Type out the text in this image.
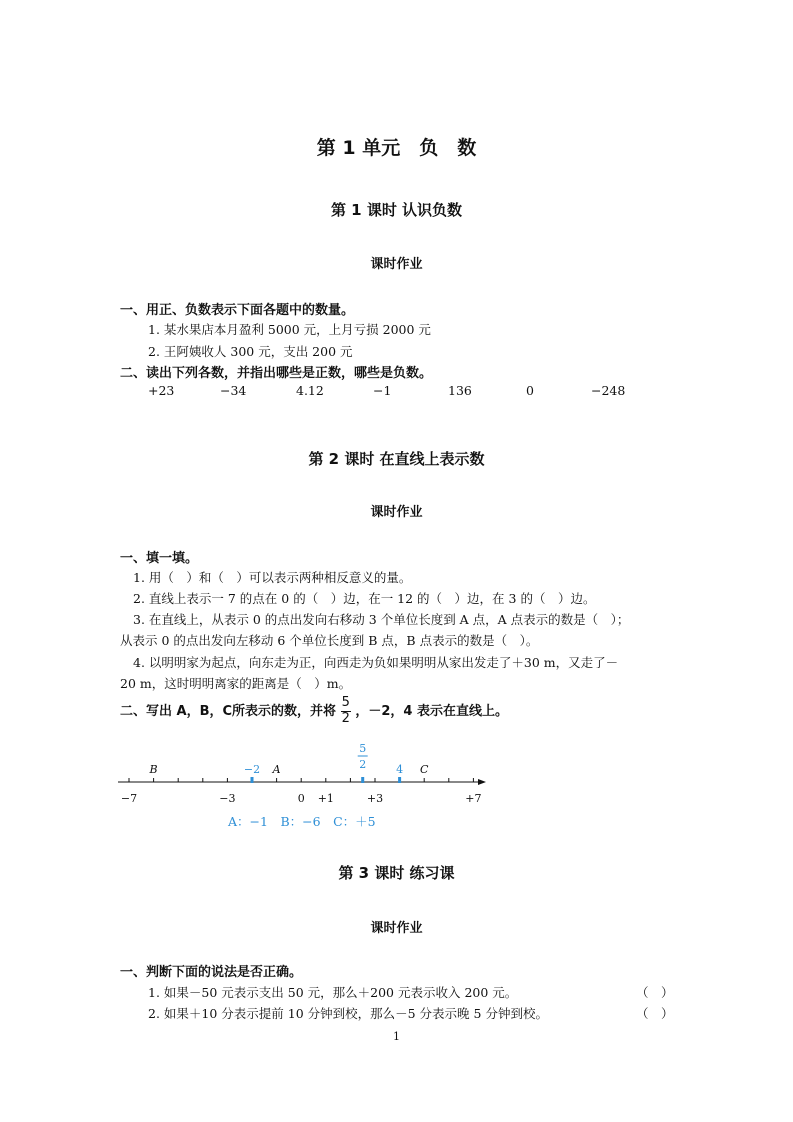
第 1 单元　负　数
第 1 课时 认识负数
课时作业
一、用正、负数表示下面各题中的数量。
1. 某水果店本月盈利 5000 元，上月亏损 2000 元
2. 王阿姨收人 300 元，支出 200 元
二、读出下列各数，并指出哪些是正数，哪些是负数。
+23	−34	4.12	−1	136	0	−248
第 2 课时 在直线上表示数
课时作业
一、填一填。
1. 用（　）和（　）可以表示两种相反意义的量。
2. 直线上表示一 7 的点在 0 的（　）边，在一 12 的（　）边，在 3 的（　）边。
3. 在直线上，从表示 0 的点出发向右移动 3 个单位长度到 A 点，A 点表示的数是（　）；
从表示 0 的点出发向左移动 6 个单位长度到 B 点，B 点表示的数是（　）。
4. 以明明家为起点，向东走为正，向西走为负如果明明从家出发走了＋30 m，又走了－
20 m，这时明明离家的距离是（　）m。
二、写出 A，B，C所表示的数，并将 $\frac{5}{2}$ ，－2，4 表示在直线上。
−7	−3	0 +1	+3	+7
B	A	C
−2
5
2	4
A：−1　B：−6　C：＋5
第 3 课时 练习课
课时作业
一、判断下面的说法是否正确。
1. 如果－50 元表示支出 50 元，那么＋200 元表示收入 200 元。	（　）
2. 如果＋10 分表示提前 10 分钟到校，那么－5 分表示晚 5 分钟到校。	（　）
1
